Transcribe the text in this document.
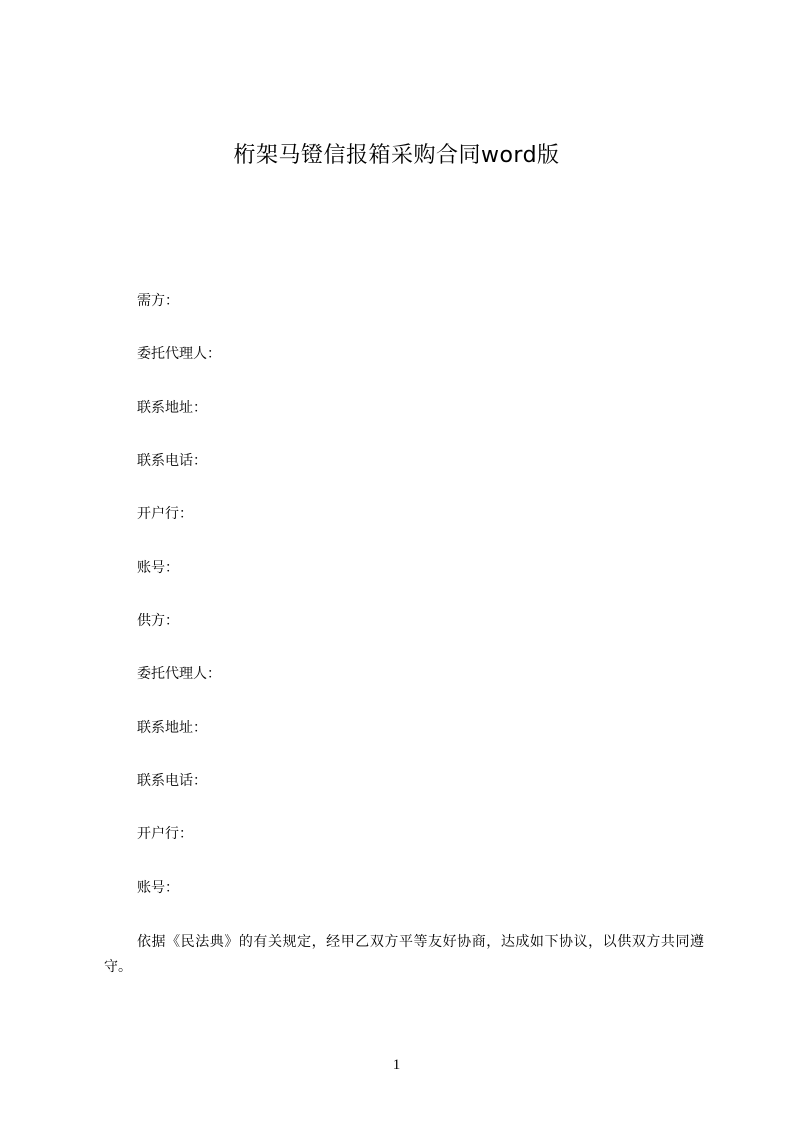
桁架马镫信报箱采购合同word版
需方：
委托代理人：
联系地址：
联系电话：
开户行：
账号：
供方：
委托代理人：
联系地址：
联系电话：
开户行：
账号：
依据《民法典》的有关规定，经甲乙双方平等友好协商，达成如下协议，以供双方共同遵守。
1
